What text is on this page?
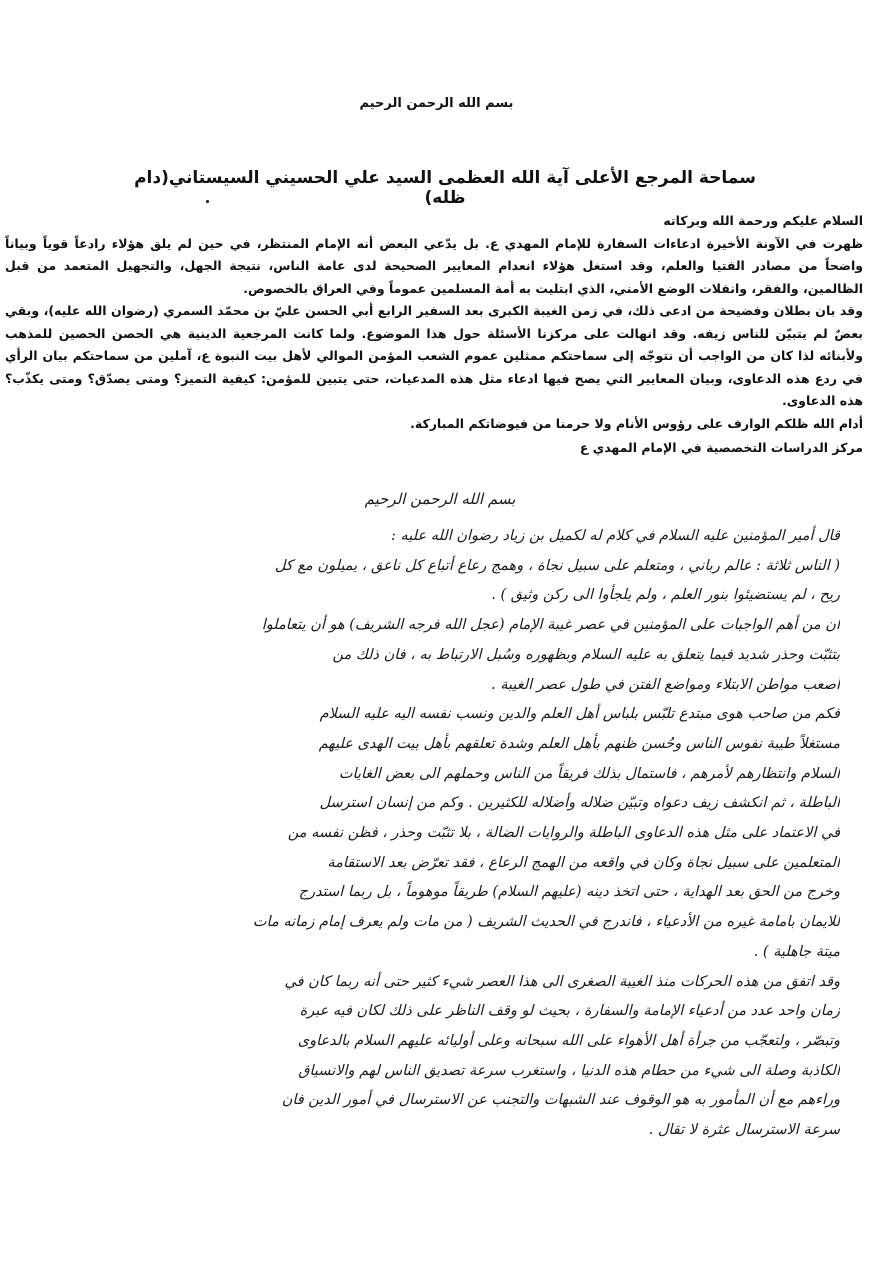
بسم الله الرحمن الرحيم
سماحة المرجع الأعلى آية الله العظمى السيد علي الحسيني السيستاني(دام ظله)

السلام عليكم ورحمة الله وبركاته

ظهرت في الآونة الأخيرة ادعاءات السفارة للإمام المهدي ع. بل يدّعي البعض أنه الإمام المنتظر، في حين لم يلق هؤلاء رادعاً قوياً وبياناً واضحاً من مصادر الفتيا والعلم، وقد استغل هؤلاء انعدام المعايير الصحيحة لدى عامة الناس، نتيجة الجهل، والتجهيل المتعمد من قبل الظالمين، والفقر، وانفلات الوضع الأمني، الذي ابتليت به أمة المسلمين عموماً وفي العراق بالخصوص.

وقد بان بطلان وفضيحة من ادعى ذلك، في زمن الغيبة الكبرى بعد السفير الرابع أبي الحسن عليّ بن محمّد السمري (رضوان الله عليه)، وبقي بعضٌ لم يتبيّن للناس زيفه. وقد انهالت على مركزنا الأسئلة حول هذا الموضوع. ولما كانت المرجعية الدينية هي الحصن الحصين للمذهب ولأبنائه لذا كان من الواجب أن نتوجّه إلى سماحتكم ممثلين عموم الشعب المؤمن الموالي لأهل بيت النبوة ع، آملين من سماحتكم بيان الرأي في ردع هذه الدعاوى، وبيان المعايير التي يصح فيها ادعاء مثل هذه المدعيات، حتى يتبين للمؤمن: كيفية التميز؟ ومتى يصدّق؟ ومتى يكذّب؟ هذه الدعاوى.

أدام الله ظلكم الوارف على رؤوس الأنام ولا حرمنا من فيوضاتكم المباركة.

مركز الدراسات التخصصية في الإمام المهدي ع

بسم الله الرحمن الرحيم
قال أمير المؤمنين عليه السلام في كلام له لكميل بن زياد رضوان الله عليه :
( الناس ثلاثة : عالم رباني ، ومتعلم على سبيل نجاة ، وهمج رعاع أتباع كل ناعق ، يميلون مع كل
ريح ، لم يستضيئوا بنور العلم ، ولم يلجأوا الى ركن وثيق ) .
ان من أهم الواجبات على المؤمنين في عصر غيبة الإمام (عجل الله فرجه الشريف) هو أن يتعاملوا
بتثبّت وحذر شديد فيما يتعلق به عليه السلام وبظهوره وسُبل الارتباط به ، فان ذلك من
أصعب مواطن الابتلاء ومواضع الفتن في طول عصر الغيبة .
فكم من صاحب هوى مبتدع تلبّس بلباس أهل العلم والدين ونسب نفسه اليه عليه السلام
مستغلاً طيبة نفوس الناس وحُسن ظنهم بأهل العلم وشدة تعلقهم بأهل بيت الهدى عليهم
السلام وانتظارهم لأمرهم ، فاستمال بذلك فريقاً من الناس وحملهم الى بعض الغايات
الباطلة ، ثم انكشف زيف دعواه وتبيّن ضلاله وأضلاله للكثيرين . وكم من إنسان استرسل
في الاعتماد على مثل هذه الدعاوى الباطلة والروايات الضالة ، بلا تثبّت وحذر ، فظن نفسه من
المتعلمين على سبيل نجاة وكان في واقعه من الهمج الرعاع ، فقد تعرّض بعد الاستقامة
وخرج من الحق بعد الهداية ، حتى اتخذ دينه (عليهم السلام) طريقاً موهوماً ، بل ربما استدرج
للايمان بامامة غيره من الأدعياء ، فاندرج في الحديث الشريف ( من مات ولم يعرف إمام زمانه مات
ميتة جاهلية ) .
وقد اتفق من هذه الحركات منذ الغيبة الصغرى الى هذا العصر شيء كثير حتى أنه ربما كان في
زمان واحد عدد من أدعياء الإمامة والسفارة ، بحيث لو وقف الناظر على ذلك لكان فيه عبرة
وتبصّر ، ولتعجّب من جرأة أهل الأهواء على الله سبحانه وعلى أوليائه عليهم السلام بالدعاوى
الكاذبة وصلة الى شيء من حطام هذه الدنيا ، واستغرب سرعة تصديق الناس لهم والانسياق
وراءهم مع أن المأمور به هو الوقوف عند الشبهات والتجنب عن الاسترسال في أمور الدين فان
سرعة الاسترسال عثرة لا تقال .
